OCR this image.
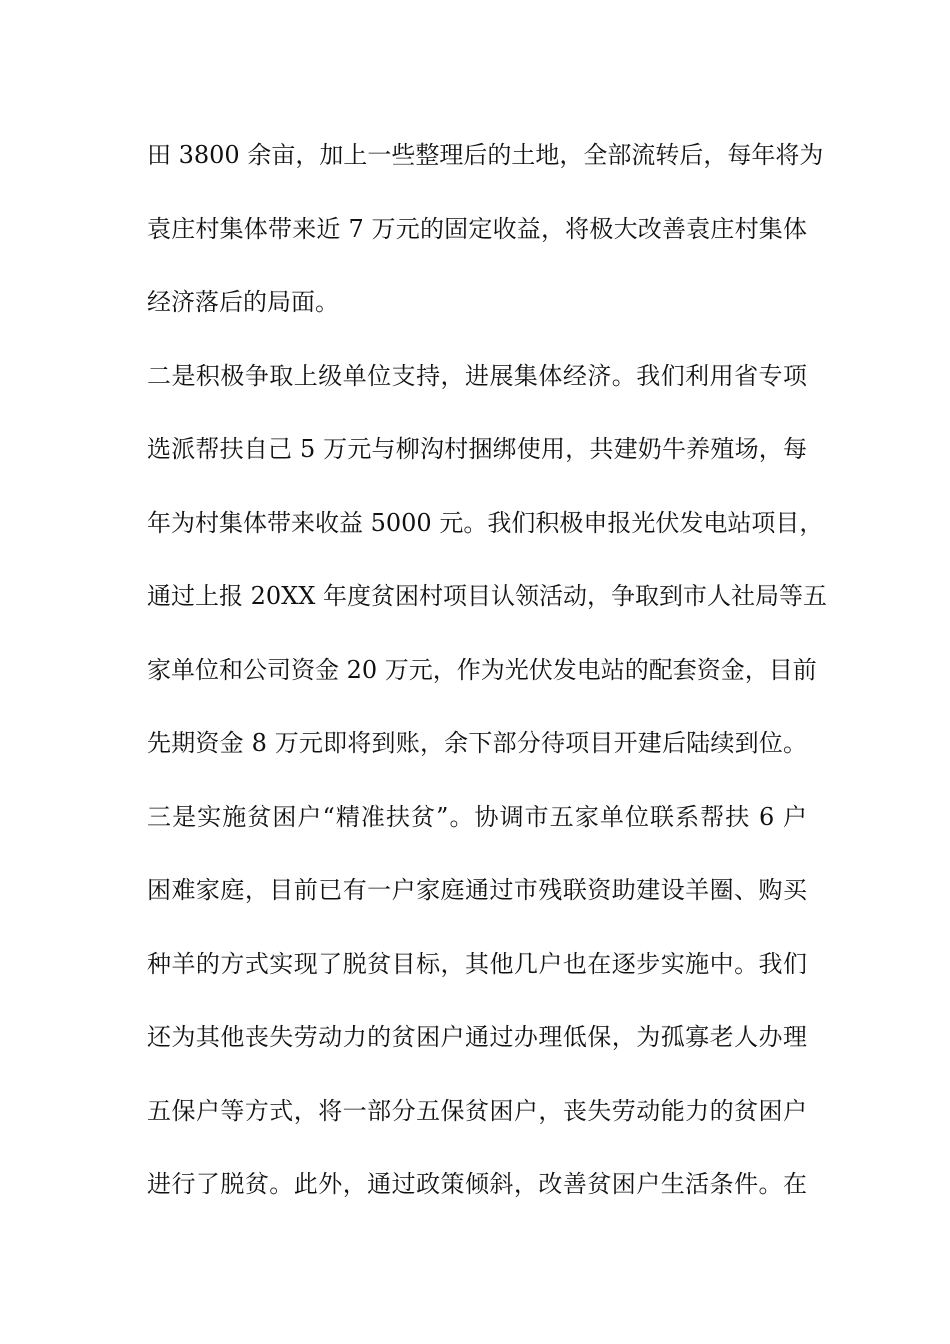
田 3800 余亩，加上一些整理后的土地，全部流转后，每年将为
袁庄村集体带来近 7 万元的固定收益，将极大改善袁庄村集体
经济落后的局面。
二是积极争取上级单位支持，进展集体经济。我们利用省专项
选派帮扶自己 5 万元与柳沟村捆绑使用，共建奶牛养殖场，每
年为村集体带来收益 5000 元。我们积极申报光伏发电站项目，
通过上报 20XX 年度贫困村项目认领活动，争取到市人社局等五
家单位和公司资金 20 万元，作为光伏发电站的配套资金，目前
先期资金 8 万元即将到账，余下部分待项目开建后陆续到位。
三是实施贫困户“精准扶贫”。协调市五家单位联系帮扶 6 户
困难家庭，目前已有一户家庭通过市残联资助建设羊圈、购买
种羊的方式实现了脱贫目标，其他几户也在逐步实施中。我们
还为其他丧失劳动力的贫困户通过办理低保，为孤寡老人办理
五保户等方式，将一部分五保贫困户，丧失劳动能力的贫困户
进行了脱贫。此外，通过政策倾斜，改善贫困户生活条件。在
